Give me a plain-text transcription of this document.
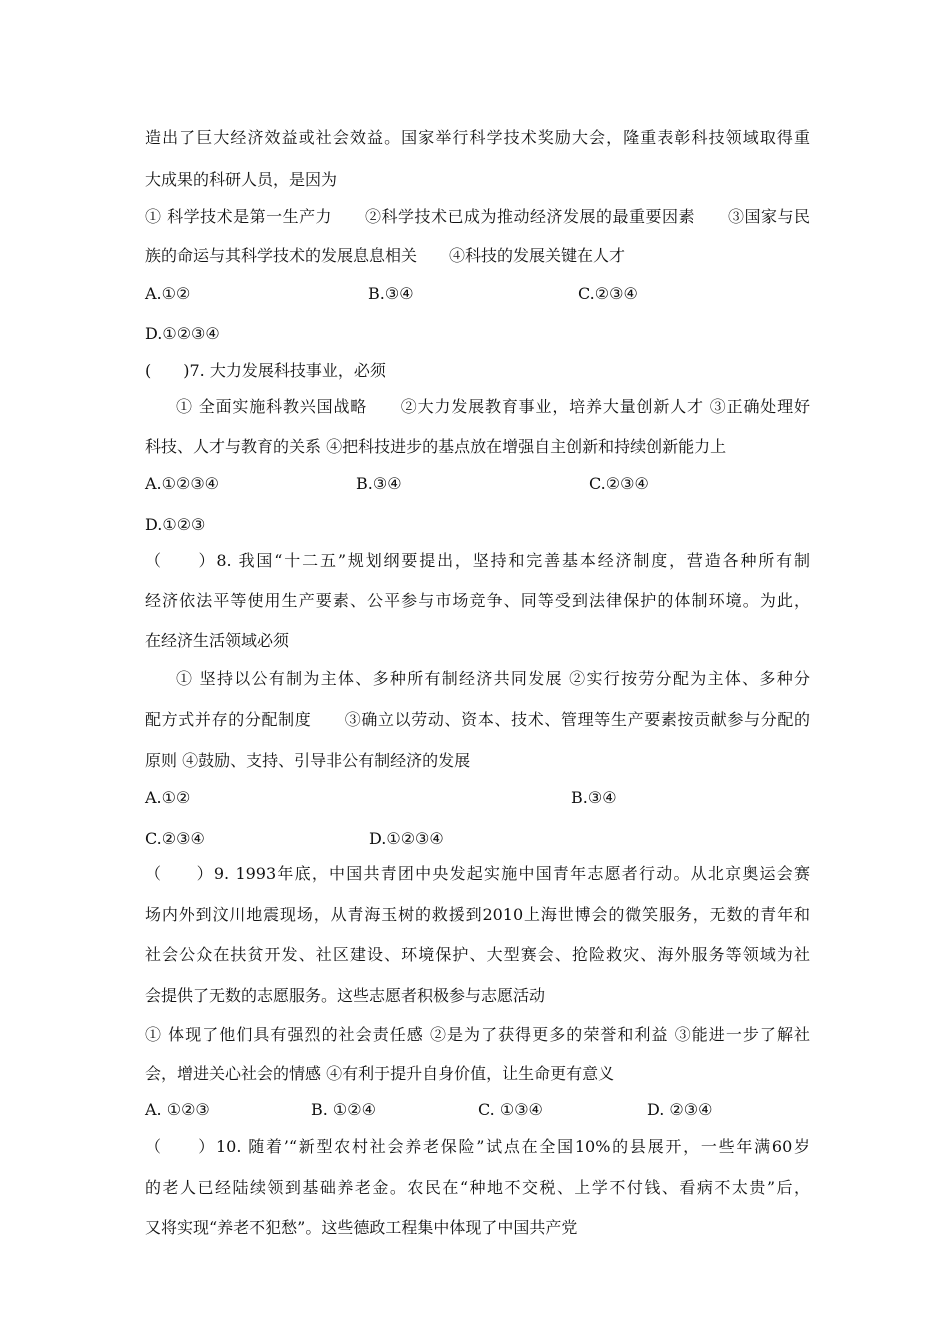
造出了巨大经济效益或社会效益。国家举行科学技术奖励大会，隆重表彰科技领域取得重
大成果的科研人员，是因为
① 科学技术是第一生产力　　②科学技术已成为推动经济发展的最重要因素　　③国家与民
族的命运与其科学技术的发展息息相关　　④科技的发展关键在人才
A.①②	B.③④	C.②③④
D.①②③④
(　　)7. 大力发展科技事业，必须
① 全面实施科教兴国战略　　②大力发展教育事业，培养大量创新人才 ③正确处理好
科技、人才与教育的关系 ④把科技进步的基点放在增强自主创新和持续创新能力上
A.①②③④	B.③④	C.②③④
D.①②③
（　　）8. 我国“十二五”规划纲要提出，坚持和完善基本经济制度，营造各种所有制
经济依法平等使用生产要素、公平参与市场竞争、同等受到法律保护的体制环境。为此，
在经济生活领域必须
① 坚持以公有制为主体、多种所有制经济共同发展 ②实行按劳分配为主体、多种分
配方式并存的分配制度　　③确立以劳动、资本、技术、管理等生产要素按贡献参与分配的
原则 ④鼓励、支持、引导非公有制经济的发展
A.①②	B.③④
C.②③④	D.①②③④
（　　）9. 1993年底，中国共青团中央发起实施中国青年志愿者行动。从北京奥运会赛
场内外到汶川地震现场，从青海玉树的救援到2010上海世博会的微笑服务，无数的青年和
社会公众在扶贫开发、社区建设、环境保护、大型赛会、抢险救灾、海外服务等领域为社
会提供了无数的志愿服务。这些志愿者积极参与志愿活动
① 体现了他们具有强烈的社会责任感 ②是为了获得更多的荣誉和利益 ③能进一步了解社
会，增进关心社会的情感 ④有利于提升自身价值，让生命更有意义
A. ①②③	B. ①②④	C. ①③④	D. ②③④
（　　）10. 随着’“新型农村社会养老保险”试点在全国10%的县展开，一些年满60岁
的老人已经陆续领到基础养老金。农民在“种地不交税、上学不付钱、看病不太贵”后，
又将实现“养老不犯愁”。这些德政工程集中体现了中国共产党
